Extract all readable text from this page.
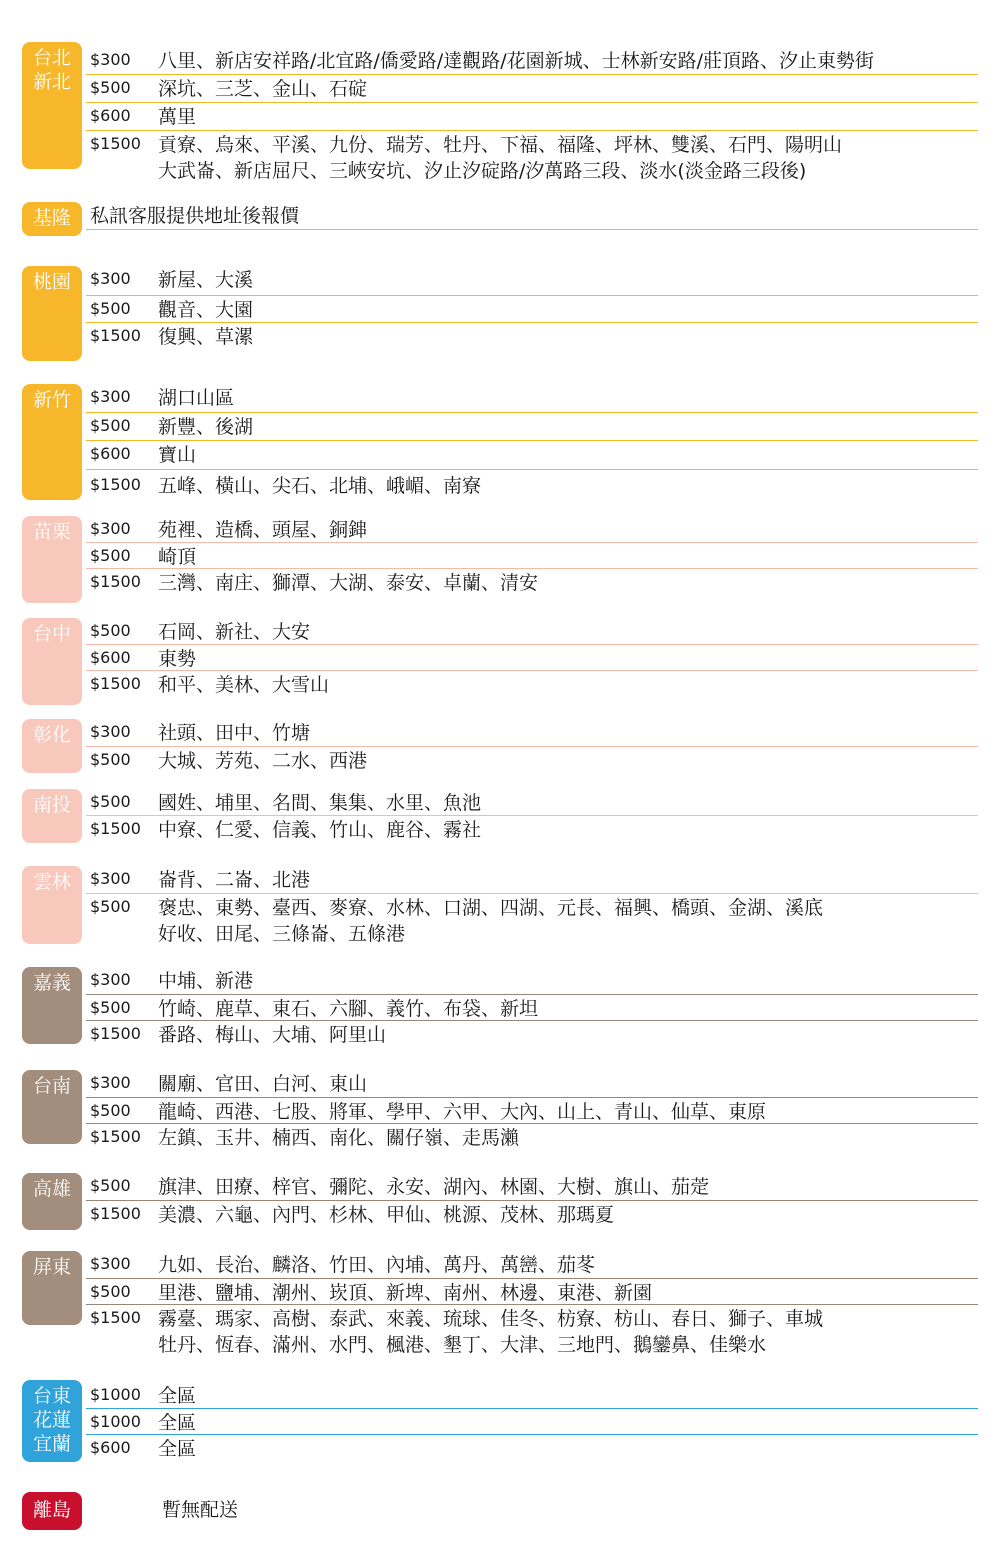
台北
新北
$300 八里、新店安祥路/北宜路/僑愛路/達觀路/花園新城、士林新安路/莊頂路、汐止東勢街
$500 深坑、三芝、金山、石碇
$600 萬里
$1500 貢寮、烏來、平溪、九份、瑞芳、牡丹、下福、福隆、坪林、雙溪、石門、陽明山
大武崙、新店屈尺、三峽安坑、汐止汐碇路/汐萬路三段、淡水(淡金路三段後)
基隆	私訊客服提供地址後報價
桃園	$300 新屋、大溪
$500 觀音、大園
$1500 復興、草漯
新竹	$300 湖口山區
$500 新豐、後湖
$600 寶山
$1500 五峰、橫山、尖石、北埔、峨嵋、南寮
苗栗	$300 苑裡、造橋、頭屋、銅鋛
$500 崎頂
$1500 三灣、南庄、獅潭、大湖、泰安、卓蘭、清安
台中	$500 石岡、新社、大安
$600 東勢
$1500 和平、美林、大雪山
彰化	$300 社頭、田中、竹塘
$500 大城、芳苑、二水、西港
南投	$500 國姓、埔里、名間、集集、水里、魚池
$1500 中寮、仁愛、信義、竹山、鹿谷、霧社
雲林	$300 崙背、二崙、北港
$500 褒忠、東勢、臺西、麥寮、水林、口湖、四湖、元長、福興、橋頭、金湖、溪底
好收、田尾、三條崙、五條港
嘉義	$300 中埔、新港
$500 竹崎、鹿草、東石、六腳、義竹、布袋、新坦
$1500 番路、梅山、大埔、阿里山
台南	$300 關廟、官田、白河、東山
$500 龍崎、西港、七股、將軍、學甲、六甲、大內、山上、青山、仙草、東原
$1500 左鎮、玉井、楠西、南化、關仔嶺、走馬瀨
高雄	$500 旗津、田療、梓官、彌陀、永安、湖內、林園、大樹、旗山、茄萣
$1500 美濃、六龜、內門、杉林、甲仙、桃源、茂林、那瑪夏
屏東	$300 九如、長治、麟洛、竹田、內埔、萬丹、萬巒、茄苳
$500 里港、鹽埔、潮州、崁頂、新埤、南州、林邊、東港、新園
$1500 霧臺、瑪家、高樹、泰武、來義、琉球、佳冬、枋寮、枋山、春日、獅子、車城
牡丹、恆春、滿州、水門、楓港、墾丁、大津、三地門、鵝鑾鼻、佳樂水
台東
花蓮
宜蘭
$1000 全區
$1000 全區
$600 全區
離島	暫無配送
